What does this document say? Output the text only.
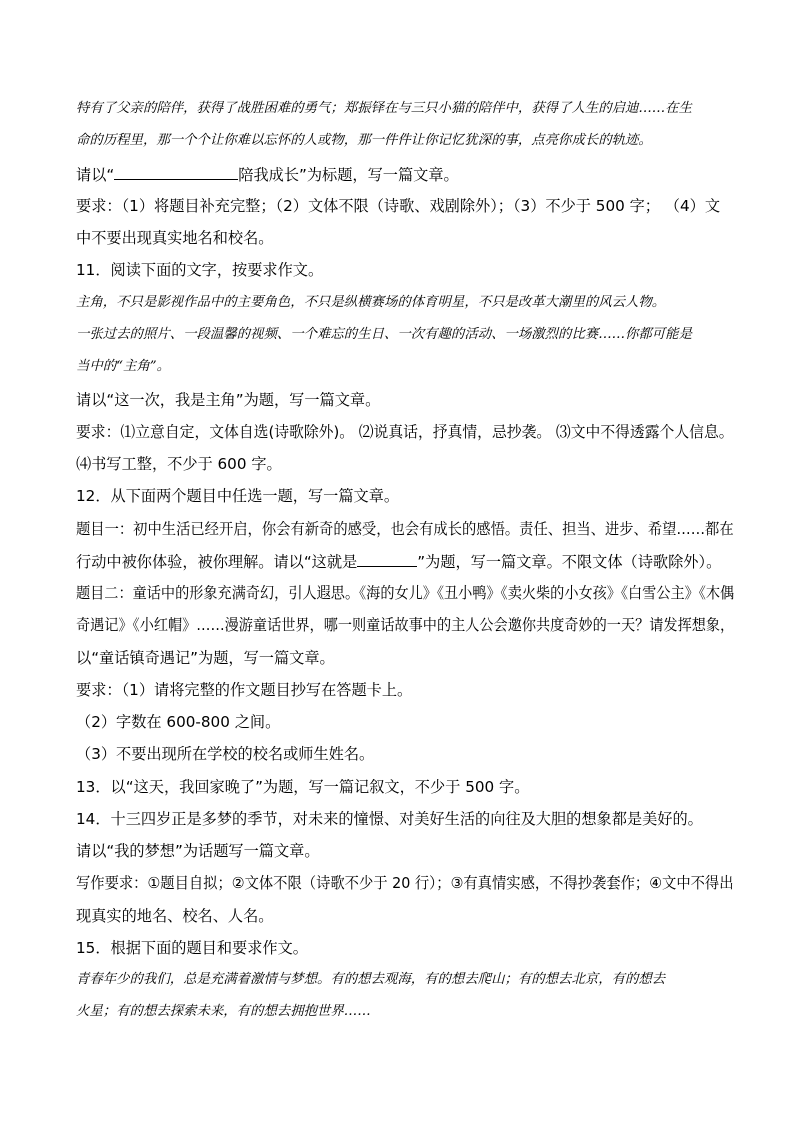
特有了父亲的陪伴，获得了战胜困难的勇气；郑振铎在与三只小猫的陪伴中，获得了人生的启迪……在生
命的历程里，那一个个让你难以忘怀的人或物，那一件件让你记忆犹深的事，点亮你成长的轨迹。
请以“	陪我成长”为标题，写一篇文章。
要求：（1）将题目补充完整；（2）文体不限（诗歌、戏剧除外）；（3）不少于 500 字； （4）文
中不要出现真实地名和校名。
11．阅读下面的文字，按要求作文。
主角，不只是影视作品中的主要角色，不只是纵横赛场的体育明星，不只是改革大潮里的风云人物。
一张过去的照片、一段温馨的视频、一个难忘的生日、一次有趣的活动、一场激烈的比赛……你都可能是
当中的“主角”。
请以“这一次，我是主角”为题，写一篇文章。
要求：⑴立意自定，文体自选(诗歌除外)。 ⑵说真话，抒真情，忌抄袭。 ⑶文中不得透露个人信息。
⑷书写工整，不少于 600 字。
12．从下面两个题目中任选一题，写一篇文章。
题目一：初中生活已经开启，你会有新奇的感受，也会有成长的感悟。责任、担当、进步、希望……都在
行动中被你体验，被你理解。请以“这就是	”为题，写一篇文章。不限文体（诗歌除外）。
题目二：童话中的形象充满奇幻，引人遐思。《海的女儿》《丑小鸭》《卖火柴的小女孩》《白雪公主》《木偶
奇遇记》《小红帽》……漫游童话世界，哪一则童话故事中的主人公会邀你共度奇妙的一天？请发挥想象，
以“童话镇奇遇记”为题，写一篇文章。
要求：（1）请将完整的作文题目抄写在答题卡上。
（2）字数在 600-800 之间。
（3）不要出现所在学校的校名或师生姓名。
13．以“这天，我回家晚了”为题，写一篇记叙文，不少于 500 字。
14．十三四岁正是多梦的季节，对未来的憧憬、对美好生活的向往及大胆的想象都是美好的。
请以“我的梦想”为话题写一篇文章。
写作要求：①题目自拟；②文体不限（诗歌不少于 20 行）；③有真情实感，不得抄袭套作；④文中不得出
现真实的地名、校名、人名。
15．根据下面的题目和要求作文。
青春年少的我们，总是充满着激情与梦想。有的想去观海，有的想去爬山；有的想去北京，有的想去
火星；有的想去探索未来，有的想去拥抱世界……
